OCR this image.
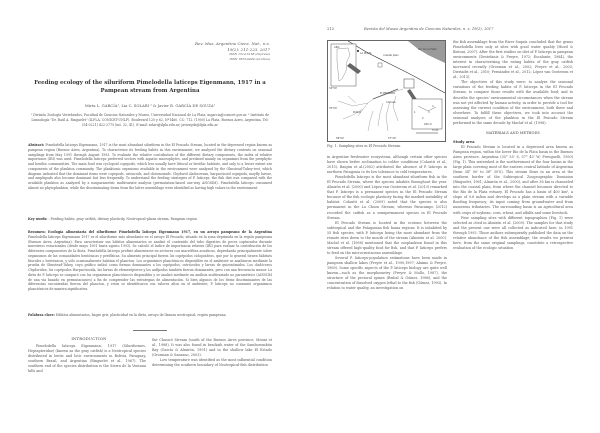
Rev. Mus. Argentino Cienc. Nat., n.s.
19(2): 211-223, 2017
ISSN 1514-5158 (impresa)
ISSN 1853-0400 (en línea)
Feeding ecology of the siluriform Pimelodella laticeps Eigenmann, 1917 in a
Pampean stream from Argentina
Mirta L. GARCÍA¹, Lia C. SOLARI ² & Javier R. GARCÍA DE SOUZA¹
¹ División Zoología Vertebrados, Facultad de Ciencias Naturales y Museo, Universidad Nacional de La Plata. mgarcia@conicet.gov.ar. ² Instituto de Limnología "Dr. Raúl A. Ringuelet" (ILPLA, CONICET-UNLP). Boulevard 120 y 62, Nº1460. CC: 712. (1900) La Plata, Buenos Aires, Argentina. Tel: (54-0221) 422-2775 (int. 32, 41). E-mail: solari@ilpla.edu.ar; javiergds@ilpla.edu.ar
Abstract: Pimelodella laticeps Eigenmann, 1917 is the most abundant siluriform in the El Pescado Stream, located in the depressed region known as pampean region (Buenos Aires, Argentina). To characterize its feeding habits in this environment, we analyzed the dietary contents on seasonal samplings from May 1991 through August 1993. To evaluate the relative contribution of the different dietary components, the index of relative importance (IRI) was used. Pimelodella laticeps preferred sectors with aquatic macrophytes, and predated mainly on organisms from the periphytic and benthic communities. The main food was cyclopoid copepods, which less usually have littoral or benthic habitats, and only to a lesser extent are components of the plankton community. The planktonic organisms available in the environment were analyzed by the Olmstead-Tukey-test, which diagram indicated that the dominant items were copepods, ostracods, and chironomids. Chydorid cladocerans, harpacticoid copepods, mayfly larvae, and amphipods also became dominant but less frequently. To understand the feeding strategies of P. laticeps, the fish diet was compared with the available plankton as analyzed by a nonparametric multivariate analysis (permutation-based one-way ANOSIM). Pimelodella laticeps consumed almost no phytoplankton, while the discriminating items from the latter assemblage were identified as having high values in the environment.
Key words: : Feeding habits, gray catfish, dietary plasticity, Neotropical-plains stream, Pampean region
Resumen: Ecología alimentaria del siluriforme Pimelodella laticeps Eigenmann 1917, en un arroyo pampeano de la Argentina Pimelodella laticeps Eigenmann 1917 es el siluriforme más abundante en el arroyo El Pescado, situado en la zona deprimida en la región pampeana (Buenos Aires, Argentina). Para caracterizar sus hábitos alimentarios se analizó el contenido del tubo digestivo de peces capturados durante muestreos estacionales (desde mayo 1991 hasta agosto 1993). Se calculó el índice de importancia relativa (IRI) para evaluar la contribución de los diferentes componentes de la dieta. Pimelodella laticeps prefirió alimentarse en sectores con macrófitas acuáticas, depredando principalmente sobre organismos de las comunidades bentónicas y perifíticas. Su alimento principal fueron los copépodos ciclopoideos, que por lo general tienen hábitats litorales o bentónicos, y sólo ocasionalmente habitan el plancton. Los organismos planctónicos disponibles en el ambiente se analizaron mediante la prueba de Olmstead-Tukey, cuyo gráfico indicó como formas dominantes a los copépodos, ostrácodos y larvas de quironómidos. Los cladóceros Chydoridae, los copépodos Harpacticoida, las larvas de efemerópteros y los anfípodos también fueron dominantes, pero con una frecuencia menor. La dieta de P. laticeps se comparó con los organismos planctónicos disponibles y se analizó mediante un análisis multivariado no paramétrico (ANOSIM de una vía basado en permutaciones) a fin de comprender las estrategias de alimentación. Si bien algunos de los ítems discriminantes de las diferencias encontradas fueron del plancton, y estos se identificaron con valores altos en el ambiente, P. laticeps no consumió organismos planctónicos de manera significativa.
Palabras clave: Hábitos alimentarios, bagre gris, plasticidad en la dieta, arroyo de llanura neotropical, región pampeana
INTRODUCTION
Pimelodella laticeps Eigenmann, 1917 (Siluriformes, Heptapteridae) (known as the gray catfish) is a Neotropical species distributed in lentic and lotic environments in Bolivia, Paraguay, southern Brazil, and Argentina (Ringuelet et al., 1967). The southern end of the species distribution is the Sierra de la Ventana hills and
the Chasicó Stream (south of the Buenos Aires province; Menni et al., 1988). It was also found in brackish water of the Samborombón Bay (García & Almirón, 1991) and in the shallow lake El Estado (Grosman & Sanzano, 2003).
Low temperature was identified as the most influential condition determining the southern boundary of Neotropical-fish distribution
212	Revista del Museo Argentino de Ciencias Naturales, n. s. 19(2), 2017
ARG
LA PLATA
coastal plain
Río de La Plata
El PESCADO
Correas
Poblet
34°50'
35°00'
58°00'	57°40'
200 m
5 km
1
2
3
4
Fig. 1. Sampling sites in El Pescado Stream.
in Argentine freshwater ecosystems, although certain other species have shown better acclimation to colder conditions (Colautti et al., 2015). Baigún et al.(2002) attributed the absence of P. laticeps in northern Patagonia to its low tolerance to cold temperatures.
Pimelodella laticeps is the most abundant siluriform fish in the El Pescado Stream, where the species inhabits throughout the year. Almirón et al. (2000) and López van Oosterom et al. (2013) remarked that P. laticeps is a permanent species in the El Pescado Stream because of the fish ecologic plasticity facing the marked instability of habitat. Colautti et al. (2009) noted that the species is also permanent in the La Choza Stream; whereas Paracampo (2012) recorded the catfish as a semipermanent species in El Pescado Stream.
El Pescado Stream is located in the ecotone between the subtropical and the Patagonian fish fauna regions. It is inhabited by 55 fish species, with P. laticeps being the most abundant from the remote sites down to the mouth of the stream (Almirón et al. 2000). Maclaf et al. (1998) mentioned that the zooplankton found in this stream offered high-quality food for fish, and that P. laticeps prefers to feed on the microcrustacean assemblage.
Several P. laticeps-population estimations have been made in pampean shallow lakes (Freyre et al., 1990,1997; Alaimo & Freyre, 1969). Some specific aspects of the P. laticeps biology are quite well known—such as the morphometry (Freyre & Mollo, 1987), the structure of the pectoral spines (Risbal & Gómez, 1986), and the concentration of dissolved oxygen lethal to the fish (Gómez, 1993). In relation to water quality, an investigation on
the fish assemblage from the River Suquía concluded that the genus Pimelodella lives only at sites with good water quality (Hued & Bistoni, 2007). After the first studies on diet of P. laticeps in pampean environments (Destefanis & Freyre, 1972; Escalante, 1984), the interest in characterising the eating habits of the gray catfish increased recently (Grosman et al., 2002; Freyre et al., 2003; Dieriadri et al., 2010; Fernández et al., 2012; López van Oosterom et al., 2013).
The objectives of this study were: to analyze the seasonal variations of the feeding habits of P. laticeps in the El Pescado Stream; to compare those results with the available food; and to describe the species' environmental circumstances when the stream was not yet affected by human activity, in order to provide a tool for assessing the current condition of the environment, both there and elsewhere. To fulfill these objectives, we took into account the seasonal analyses of the plankton in the El Pescado Stream performed in the same decade by Maclaf et al. (1998).
MATERIALS AND METHODS
Study area
El Pescado Stream is located in a depressed area known as Pampean region, within the lower Río de la Plata basin in the Buenos Aires province, Argentina (35° 55' S, 57° 45' W; Frenguelli, 1950) (Fig. 1). This watershed is the northernmost of the four basins in the large plain covering most of the eastern central latitude of Argentina (from 34° 00' to 38° 30'S). This stream flows in an area at the southern border of the Subtropical Zoogeographic Dominion (Ringuelet, 1961; Almirón et al., 2000), and after 36 km is channeled into the coastal plain, from where the channel becomes directed to the Río de la Plata estuary. El Pescado has a basin of 400 km², a slope of 0.6 m/km and develops as a plain stream with a variable flooding frequency; its input coming from groundwater and from numerous tributaries. The surrounding basin is an agricultural area with crops of soybean, corn, wheat, and alfalfa and some livestock.
Four sampling sites with different topographies (Fig. 1) were selected as cited in Almirón et al. (2000). The samples for that study and the present one were all collected as indicated here, in 1991 through 1993. Those authors subsequently published the data on the relative abundance of the fish assemblage; the results we present here, from the same original samplings, constitute a retrospective evaluation of the ecologic situation
